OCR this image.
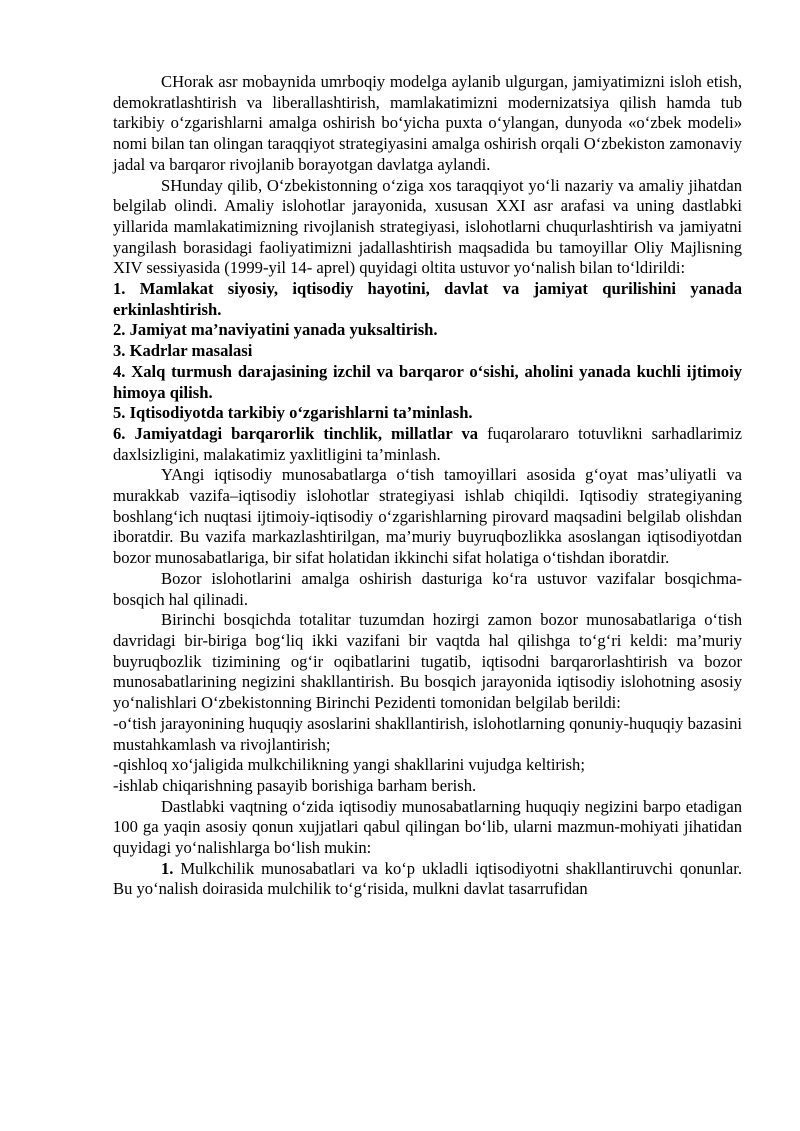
CHorak asr mobaynida umrboqiy modelga aylanib ulgurgan, jamiyatimizni isloh etish, demokratlashtirish va liberallashtirish, mamlakatimizni modernizatsiya qilish hamda tub tarkibiy o‘zgarishlarni amalga oshirish bo‘yicha puxta o‘ylangan, dunyoda «o‘zbek modeli» nomi bilan tan olingan taraqqiyot strategiyasini amalga oshirish orqali O‘zbekiston zamonaviy jadal va barqaror rivojlanib borayotgan davlatga aylandi.

SHunday qilib, O‘zbekistonning o‘ziga xos taraqqiyot yo‘li nazariy va amaliy jihatdan belgilab olindi. Amaliy islohotlar jarayonida, xususan XXI asr arafasi va uning dastlabki yillarida mamlakatimizning rivojlanish strategiyasi, islohotlarni chuqurlashtirish va jamiyatni yangilash borasidagi faoliyatimizni jadallashtirish maqsadida bu tamoyillar Oliy Majlisning XIV sessiyasida (1999-yil 14- aprel) quyidagi oltita ustuvor yo‘nalish bilan to‘ldirildi:

1. Mamlakat siyosiy, iqtisodiy hayotini, davlat va jamiyat qurilishini yanada erkinlashtirish.

2. Jamiyat ma’naviyatini yanada yuksaltirish.

3. Kadrlar masalasi

4. Xalq turmush darajasining izchil va barqaror o‘sishi, aholini yanada kuchli ijtimoiy himoya qilish.

5. Iqtisodiyotda tarkibiy o‘zgarishlarni ta’minlash.

6. Jamiyatdagi barqarorlik tinchlik, millatlar va fuqarolararo totuvlikni sarhadlarimiz daxlsizligini, malakatimiz yaxlitligini ta’minlash.

YAngi iqtisodiy munosabatlarga o‘tish tamoyillari asosida g‘oyat mas’uliyatli va murakkab vazifa–iqtisodiy islohotlar strategiyasi ishlab chiqildi. Iqtisodiy strategiyaning boshlang‘ich nuqtasi ijtimoiy-iqtisodiy o‘zgarishlarning pirovard maqsadini belgilab olishdan iboratdir. Bu vazifa markazlashtirilgan, ma’muriy buyruqbozlikka asoslangan iqtisodiyotdan bozor munosabatlariga, bir sifat holatidan ikkinchi sifat holatiga o‘tishdan iboratdir.

Bozor islohotlarini amalga oshirish dasturiga ko‘ra ustuvor vazifalar bosqichma-bosqich hal qilinadi.

Birinchi bosqichda totalitar tuzumdan hozirgi zamon bozor munosabatlariga o‘tish davridagi bir-biriga bog‘liq ikki vazifani bir vaqtda hal qilishga to‘g‘ri keldi: ma’muriy buyruqbozlik tizimining og‘ir oqibatlarini tugatib, iqtisodni barqarorlashtirish va bozor munosabatlarining negizini shakllantirish. Bu bosqich jarayonida iqtisodiy islohotning asosiy yo‘nalishlari O‘zbekistonning Birinchi Pezidenti tomonidan belgilab berildi:

-o‘tish jarayonining huquqiy asoslarini shakllantirish, islohotlarning qonuniy-huquqiy bazasini mustahkamlash va rivojlantirish;

-qishloq xo‘jaligida mulkchilikning yangi shakllarini vujudga keltirish;

-ishlab chiqarishning pasayib borishiga barham berish.

Dastlabki vaqtning o‘zida iqtisodiy munosabatlarning huquqiy negizini barpo etadigan 100 ga yaqin asosiy qonun xujjatlari qabul qilingan bo‘lib, ularni mazmun-mohiyati jihatidan quyidagi yo‘nalishlarga bo‘lish mukin:

1. Mulkchilik munosabatlari va ko‘p ukladli iqtisodiyotni shakllantiruvchi qonunlar. Bu yo‘nalish doirasida mulchilik to‘g‘risida, mulkni davlat tasarrufidan
